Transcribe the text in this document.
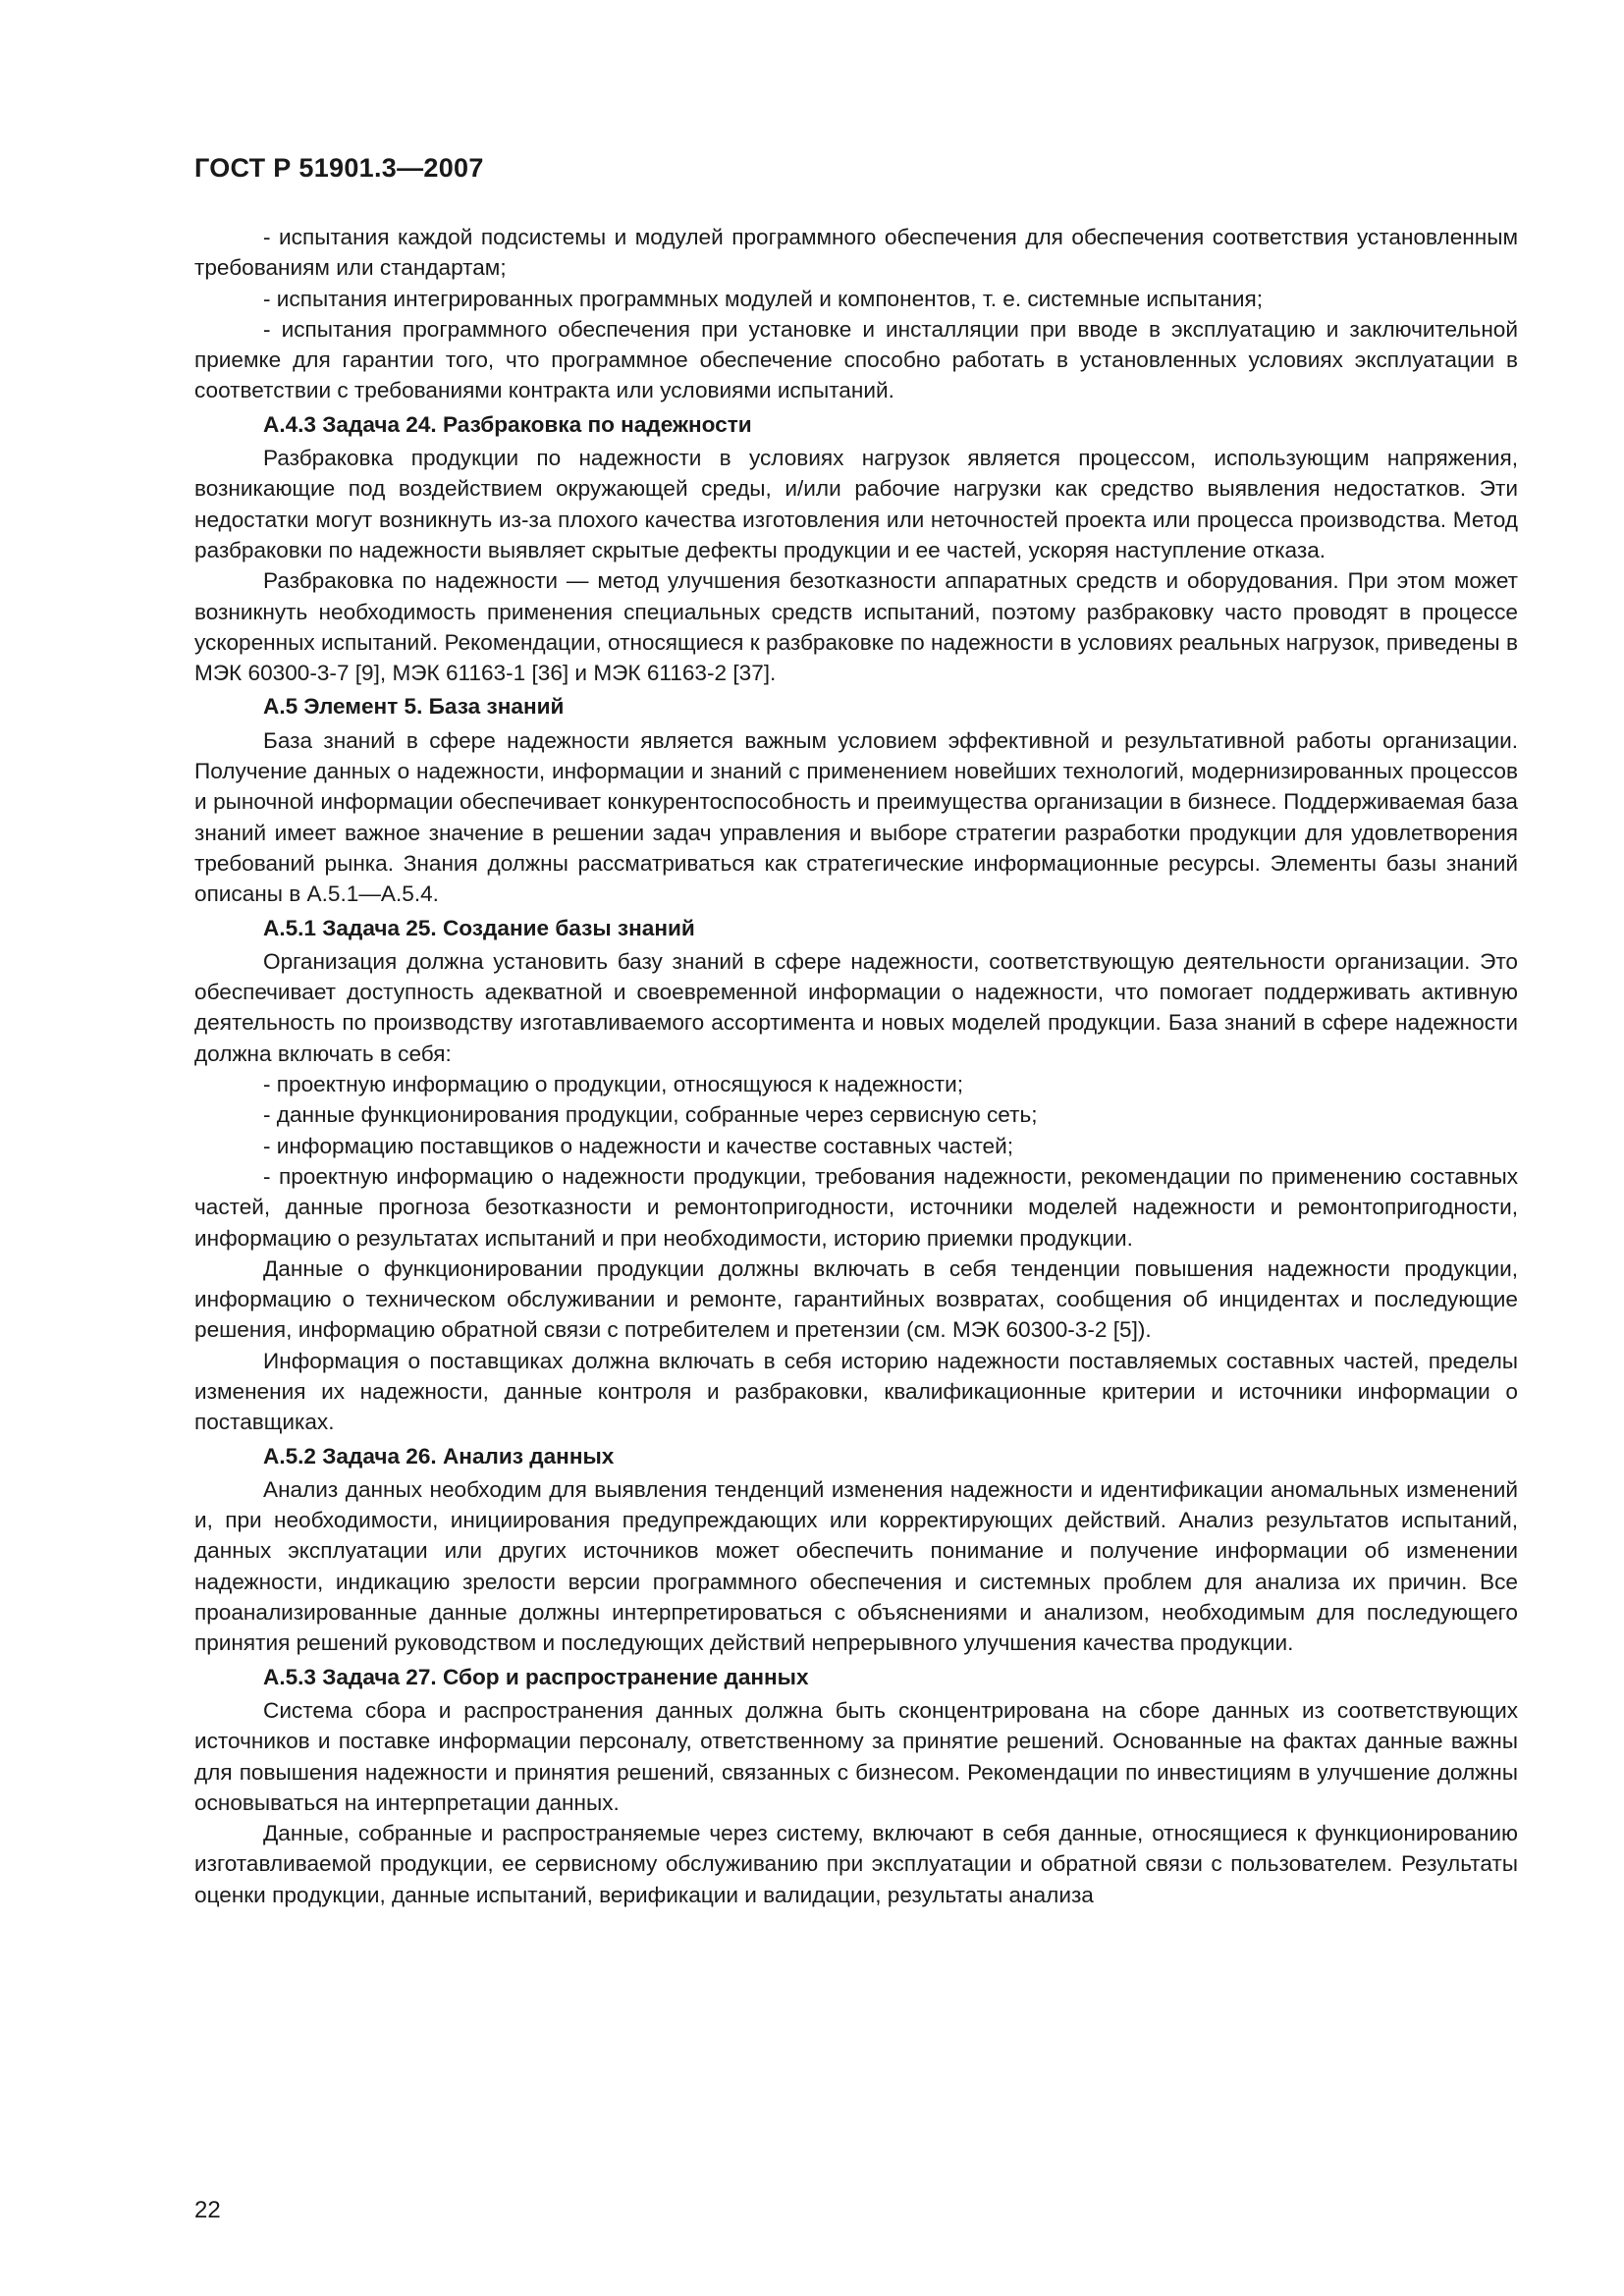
ГОСТ Р 51901.3—2007

- испытания каждой подсистемы и модулей программного обеспечения для обеспечения соответствия установленным требованиям или стандартам;

- испытания интегрированных программных модулей и компонентов, т. е. системные испытания;

- испытания программного обеспечения при установке и инсталляции при вводе в эксплуатацию и заключительной приемке для гарантии того, что программное обеспечение способно работать в установленных условиях эксплуатации в соответствии с требованиями контракта или условиями испытаний.

А.4.3 Задача 24. Разбраковка по надежности

Разбраковка продукции по надежности в условиях нагрузок является процессом, использующим напряжения, возникающие под воздействием окружающей среды, и/или рабочие нагрузки как средство выявления недостатков. Эти недостатки могут возникнуть из-за плохого качества изготовления или неточностей проекта или процесса производства. Метод разбраковки по надежности выявляет скрытые дефекты продукции и ее частей, ускоряя наступление отказа.

Разбраковка по надежности — метод улучшения безотказности аппаратных средств и оборудования. При этом может возникнуть необходимость применения специальных средств испытаний, поэтому разбраковку часто проводят в процессе ускоренных испытаний. Рекомендации, относящиеся к разбраковке по надежности в условиях реальных нагрузок, приведены в МЭК 60300-3-7 [9], МЭК 61163-1 [36] и МЭК 61163-2 [37].

А.5 Элемент 5. База знаний

База знаний в сфере надежности является важным условием эффективной и результативной работы организации. Получение данных о надежности, информации и знаний с применением новейших технологий, модернизированных процессов и рыночной информации обеспечивает конкурентоспособность и преимущества организации в бизнесе. Поддерживаемая база знаний имеет важное значение в решении задач управления и выборе стратегии разработки продукции для удовлетворения требований рынка. Знания должны рассматриваться как стратегические информационные ресурсы. Элементы базы знаний описаны в А.5.1—А.5.4.

А.5.1 Задача 25. Создание базы знаний

Организация должна установить базу знаний в сфере надежности, соответствующую деятельности организации. Это обеспечивает доступность адекватной и своевременной информации о надежности, что помогает поддерживать активную деятельность по производству изготавливаемого ассортимента и новых моделей продукции. База знаний в сфере надежности должна включать в себя:

- проектную информацию о продукции, относящуюся к надежности;

- данные функционирования продукции, собранные через сервисную сеть;

- информацию поставщиков о надежности и качестве составных частей;

- проектную информацию о надежности продукции, требования надежности, рекомендации по применению составных частей, данные прогноза безотказности и ремонтопригодности, источники моделей надежности и ремонтопригодности, информацию о результатах испытаний и при необходимости, историю приемки продукции.

Данные о функционировании продукции должны включать в себя тенденции повышения надежности продукции, информацию о техническом обслуживании и ремонте, гарантийных возвратах, сообщения об инцидентах и последующие решения, информацию обратной связи с потребителем и претензии (см. МЭК 60300-3-2 [5]).

Информация о поставщиках должна включать в себя историю надежности поставляемых составных частей, пределы изменения их надежности, данные контроля и разбраковки, квалификационные критерии и источники информации о поставщиках.

А.5.2 Задача 26. Анализ данных

Анализ данных необходим для выявления тенденций изменения надежности и идентификации аномальных изменений и, при необходимости, инициирования предупреждающих или корректирующих действий. Анализ результатов испытаний, данных эксплуатации или других источников может обеспечить понимание и получение информации об изменении надежности, индикацию зрелости версии программного обеспечения и системных проблем для анализа их причин. Все проанализированные данные должны интерпретироваться с объяснениями и анализом, необходимым для последующего принятия решений руководством и последующих действий непрерывного улучшения качества продукции.

А.5.3 Задача 27. Сбор и распространение данных

Система сбора и распространения данных должна быть сконцентрирована на сборе данных из соответствующих источников и поставке информации персоналу, ответственному за принятие решений. Основанные на фактах данные важны для повышения надежности и принятия решений, связанных с бизнесом. Рекомендации по инвестициям в улучшение должны основываться на интерпретации данных.

Данные, собранные и распространяемые через систему, включают в себя данные, относящиеся к функционированию изготавливаемой продукции, ее сервисному обслуживанию при эксплуатации и обратной связи с пользователем. Результаты оценки продукции, данные испытаний, верификации и валидации, результаты анализа

22
